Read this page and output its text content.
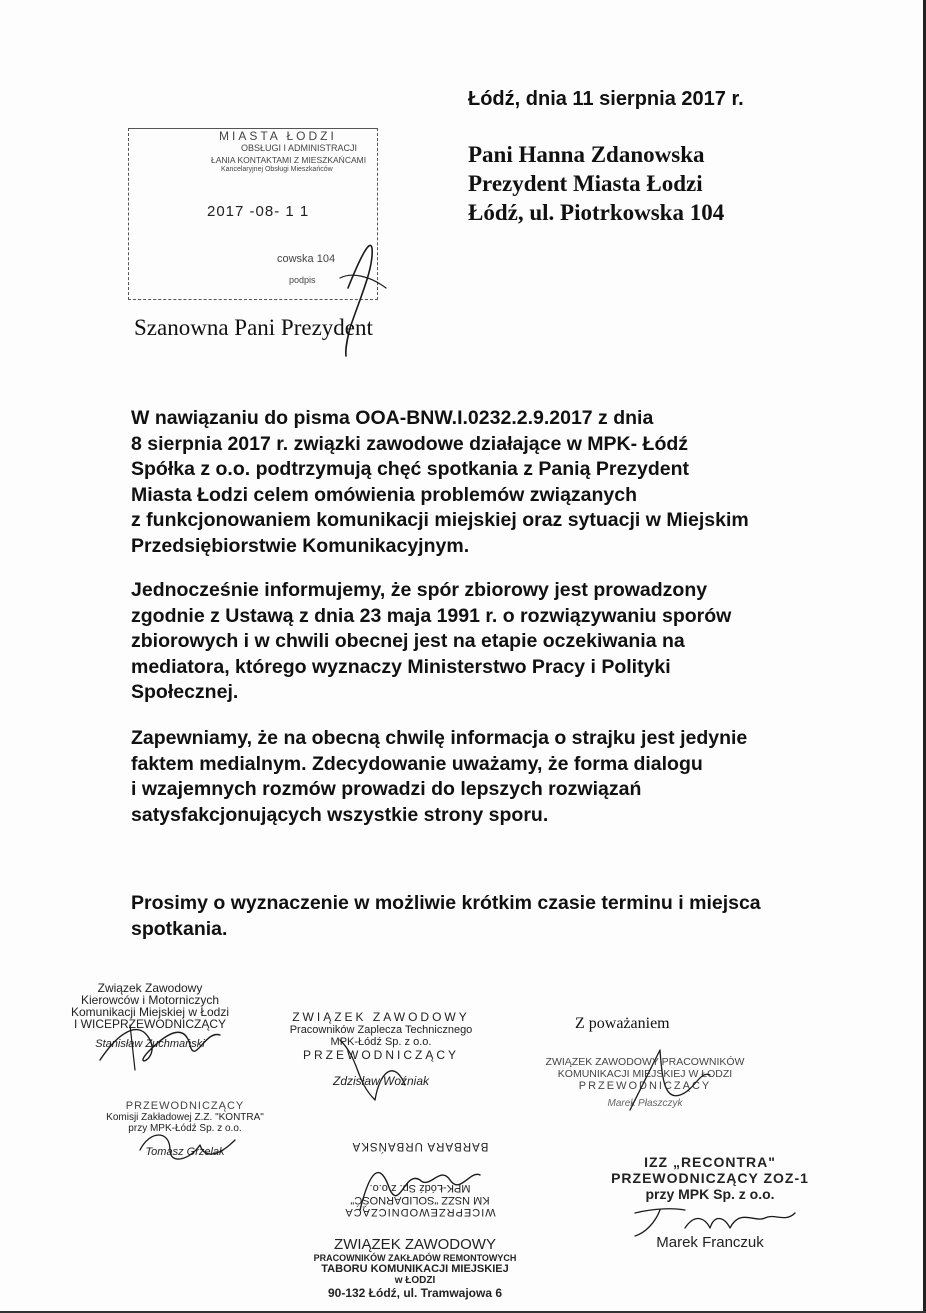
Łódź, dnia 11 sierpnia 2017 r.
Pani Hanna Zdanowska
Prezydent Miasta Łodzi
Łódź, ul. Piotrkowska 104
MIASTA ŁODZI
OBSŁUGI I ADMINISTRACJI
ŁANIA KONTAKTAMI Z MIESZKAŃCAMI
Kancelaryjnej Obsługi Mieszkańców
2017 -08- 1 1
cowska 104
podpis
Szanowna Pani Prezydent
W nawiązaniu do pisma OOA-BNW.I.0232.2.9.2017 z dnia
8 sierpnia 2017 r. związki zawodowe działające w MPK- Łódź
Spółka z o.o. podtrzymują chęć spotkania z Panią Prezydent
Miasta Łodzi celem omówienia problemów związanych
z funkcjonowaniem komunikacji miejskiej oraz sytuacji w Miejskim
Przedsiębiorstwie Komunikacyjnym.
Jednocześnie informujemy, że spór zbiorowy jest prowadzony
zgodnie z Ustawą z dnia 23 maja 1991 r. o rozwiązywaniu sporów
zbiorowych i w chwili obecnej jest na etapie oczekiwania na
mediatora, którego wyznaczy Ministerstwo Pracy i Polityki
Społecznej.
Zapewniamy, że na obecną chwilę informacja o strajku jest jedynie
faktem medialnym. Zdecydowanie uważamy, że forma dialogu
i wzajemnych rozmów prowadzi do lepszych rozwiązań
satysfakcjonujących wszystkie strony sporu.
Prosimy o wyznaczenie w możliwie krótkim czasie terminu i miejsca
spotkania.
Związek Zawodowy
Kierowców i Motorniczych
Komunikacji Miejskiej w Łodzi
I WICEPRZEWODNICZĄCY
Stanisław Zuchmański
ZWIĄZEK ZAWODOWY
Pracowników Zaplecza Technicznego
MPK-Łódź Sp. z o.o.
PRZEWODNICZĄCY
Zdzisław Woźniak
Z poważaniem
ZWIĄZEK ZAWODOWY PRACOWNIKÓW
KOMUNIKACJI MIEJSKIEJ W ŁODZI
PRZEWODNICZĄCY
Marek Płaszczyk
PRZEWODNICZĄCY
Komisji Zakładowej Z.Z. "KONTRA"
przy MPK-Łódź Sp. z o.o.
Tomasz Grzelak
WICEPRZEWODNICZĄCA
KM NSZZ "SOLIDARNOŚĆ"
MPK-Łódź Sp. z o.o.
BARBARA URBAŃSKA
IZZ „RECONTRA"
PRZEWODNICZĄCY ZOZ-1
przy MPK Sp. z o.o.
Marek Franczuk
ZWIĄZEK ZAWODOWY
PRACOWNIKÓW ZAKŁADÓW REMONTOWYCH
TABORU KOMUNIKACJI MIEJSKIEJ
w ŁODZI
90-132 Łódź, ul. Tramwajowa 6
